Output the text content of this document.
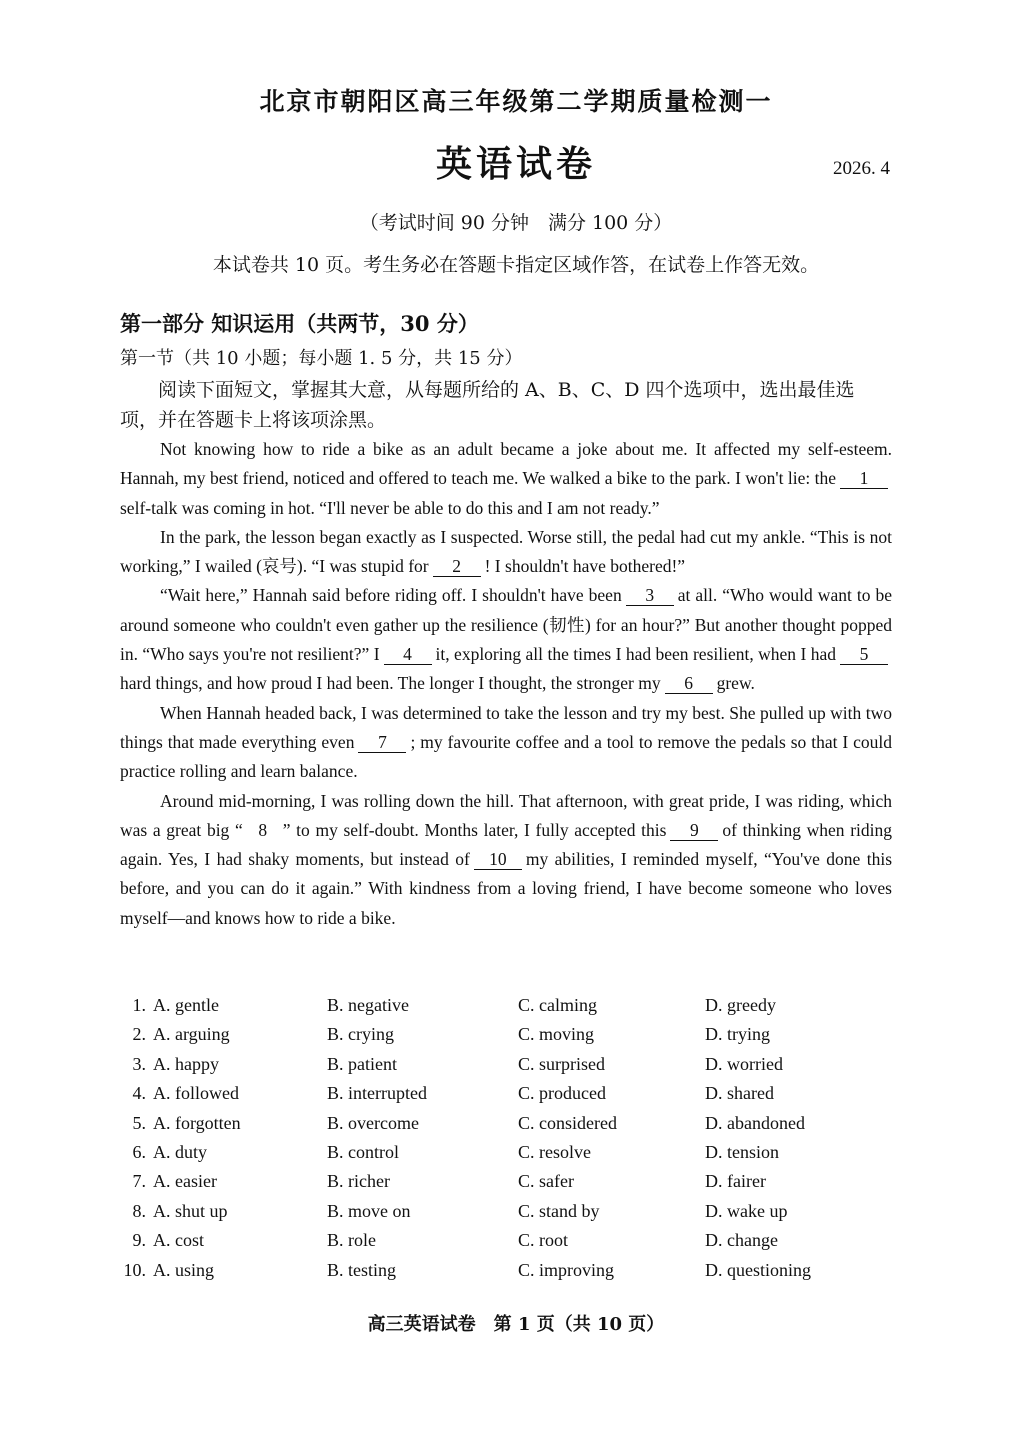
北京市朝阳区高三年级第二学期质量检测一
英语试卷	2026. 4
（考试时间 90 分钟　满分 100 分）
本试卷共 10 页。考生务必在答题卡指定区域作答，在试卷上作答无效。
第一部分 知识运用（共两节，30 分）
第一节（共 10 小题；每小题 1. 5 分，共 15 分）

阅读下面短文，掌握其大意，从每题所给的 A、B、C、D 四个选项中，选出最佳选项，并在答题卡上将该项涂黑。

Not knowing how to ride a bike as an adult became a joke about me. It affected my self-esteem. Hannah, my best friend, noticed and offered to teach me. We walked a bike to the park. I won't lie: the 1self-talk was coming in hot. “I'll never be able to do this and I am not ready.”

In the park, the lesson began exactly as I suspected. Worse still, the pedal had cut my ankle. “This is not working,” I wailed (哀号). “I was stupid for 2 ! I shouldn't have bothered!”

“Wait here,” Hannah said before riding off. I shouldn't have been 3 at all. “Who would want to be around someone who couldn't even gather up the resilience (韧性) for an hour?” But another thought popped in. “Who says you're not resilient?” I 4 it, exploring all the times I had been resilient, when I had 5hard things, and how proud I had been. The longer I thought, the stronger my 6 grew.

When Hannah headed back, I was determined to take the lesson and try my best. She pulled up with two things that made everything even 7 ; my favourite coffee and a tool to remove the pedals so that I could practice rolling and learn balance.

Around mid-morning, I was rolling down the hill. That afternoon, with great pride, I was riding, which was a great big “ 8 ” to my self-doubt. Months later, I fully accepted this 9 of thinking when riding again. Yes, I had shaky moments, but instead of 10 my abilities, I reminded myself, “You've done this before, and you can do it again.” With kindness from a loving friend, I have become someone who loves myself—and knows how to ride a bike.

1. A. gentle	B. negative	C. calming	D. greedy
2. A. arguing	B. crying	C. moving	D. trying
3. A. happy	B. patient	C. surprised	D. worried
4. A. followed	B. interrupted	C. produced	D. shared
5. A. forgotten	B. overcome	C. considered	D. abandoned
6. A. duty	B. control	C. resolve	D. tension
7. A. easier	B. richer	C. safer	D. fairer
8. A. shut up	B. move on	C. stand by	D. wake up
9. A. cost	B. role	C. root	D. change
10. A. using	B. testing	C. improving	D. questioning
高三英语试卷　第 1 页（共 10 页）
